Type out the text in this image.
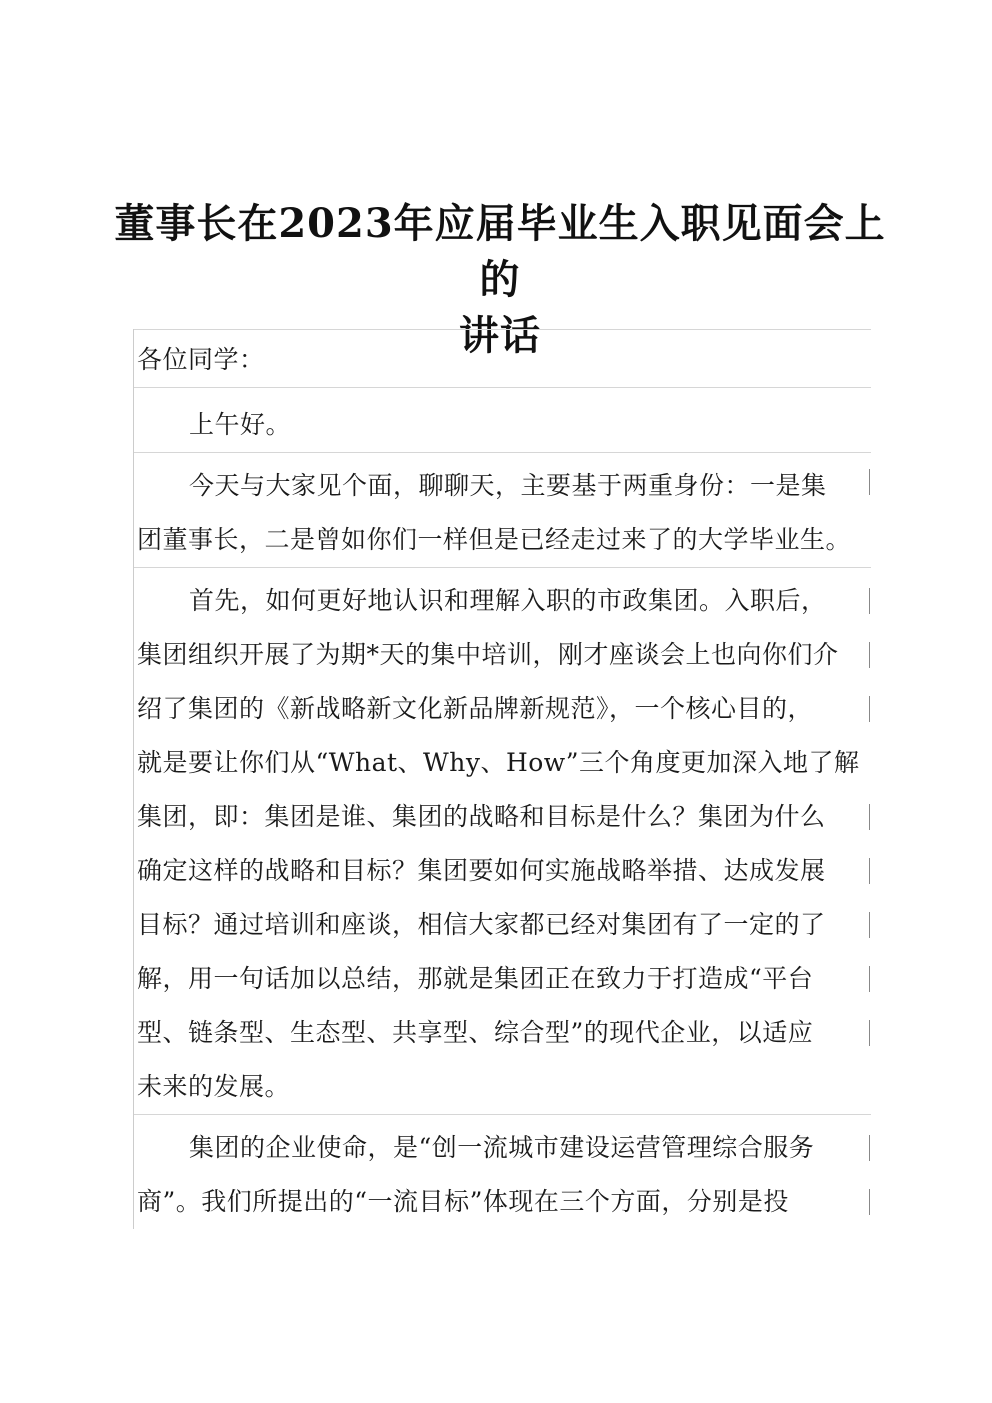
董事长在2023年应届毕业生入职见面会上的
讲话
各位同学：
上午好。
今天与大家见个面，聊聊天，主要基于两重身份：一是集
团董事长，二是曾如你们一样但是已经走过来了的大学毕业生。
首先，如何更好地认识和理解入职的市政集团。入职后，
集团组织开展了为期*天的集中培训，刚才座谈会上也向你们介
绍了集团的《新战略新文化新品牌新规范》，一个核心目的，
就是要让你们从“What、Why、How”三个角度更加深入地了解
集团，即：集团是谁、集团的战略和目标是什么？集团为什么
确定这样的战略和目标？集团要如何实施战略举措、达成发展
目标？通过培训和座谈，相信大家都已经对集团有了一定的了
解，用一句话加以总结，那就是集团正在致力于打造成“平台
型、链条型、生态型、共享型、综合型”的现代企业，以适应
未来的发展。
集团的企业使命，是“创一流城市建设运营管理综合服务
商”。我们所提出的“一流目标”体现在三个方面，分别是投
